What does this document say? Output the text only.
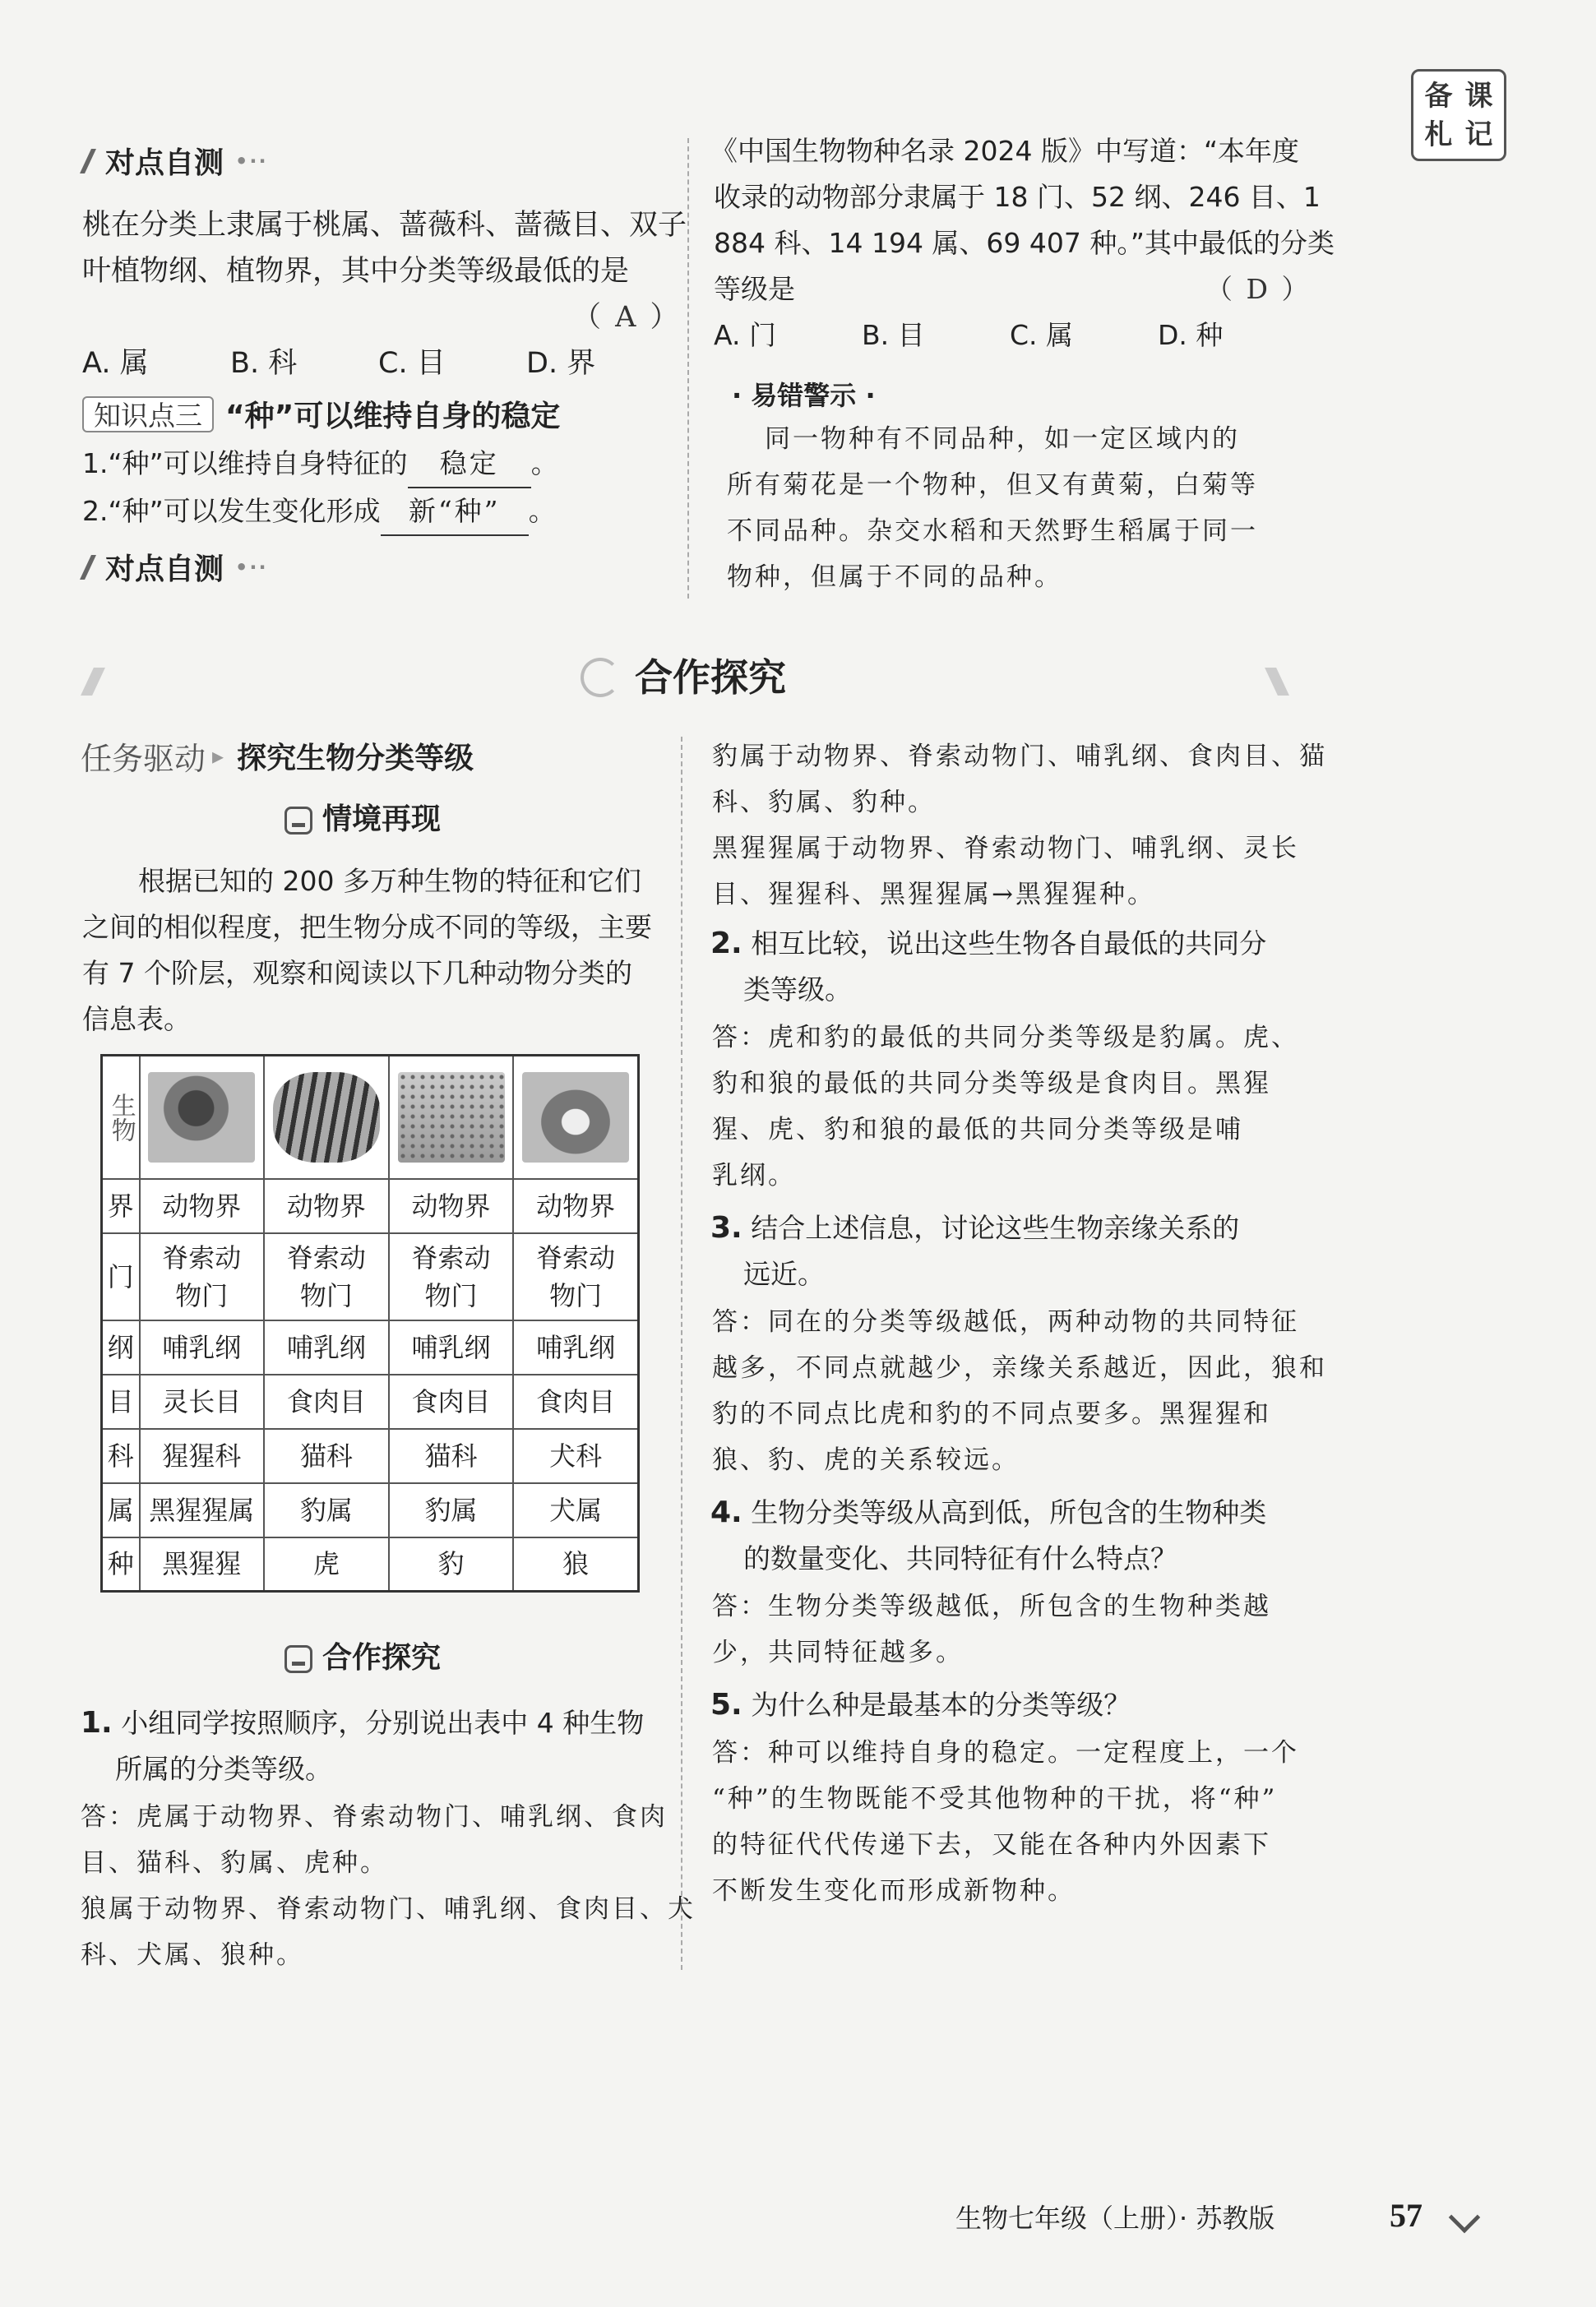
备 课
札 记
对点自测 •··
桃在分类上隶属于桃属、蔷薇科、蔷薇目、双子
叶植物纲、植物界，其中分类等级最低的是
（ A ）
A. 属	B. 科	C. 目	D. 界
知识点三 “种”可以维持自身的稳定
1.“种”可以维持自身特征的 稳定 。
2.“种”可以发生变化形成 新“种” 。
对点自测 •··
《中国生物物种名录 2024 版》中写道：“本年度
收录的动物部分隶属于 18 门、52 纲、246 目、1
884 科、14 194 属、69 407 种。”其中最低的分类
等级是	（ D ）
A. 门	B. 目	C. 属	D. 种
· 易错警示 ·
同一物种有不同品种，如一定区域内的
所有菊花是一个物种，但又有黄菊，白菊等
不同品种。杂交水稻和天然野生稻属于同一
物种，但属于不同的品种。
合作探究
任务驱动 ▸ 探究生物分类等级
情境再现
根据已知的 200 多万种生物的特征和它们
之间的相似程度，把生物分成不同的等级，主要
有 7 个阶层，观察和阅读以下几种动物分类的
信息表。
生物	

界	动物界	动物界	动物界	动物界
门	脊索动物门	脊索动物门	脊索动物门	脊索动物门
纲	哺乳纲	哺乳纲	哺乳纲	哺乳纲
目	灵长目	食肉目	食肉目	食肉目
科	猩猩科	猫科	猫科	犬科
属	黑猩猩属	豹属	豹属	犬属
种	黑猩猩	虎	豹	狼
合作探究
1. 小组同学按照顺序，分别说出表中 4 种生物
所属的分类等级。
答：虎属于动物界、脊索动物门、哺乳纲、食肉
目、猫科、豹属、虎种。
狼属于动物界、脊索动物门、哺乳纲、食肉目、犬
科、犬属、狼种。
豹属于动物界、脊索动物门、哺乳纲、食肉目、猫
科、豹属、豹种。
黑猩猩属于动物界、脊索动物门、哺乳纲、灵长
目、猩猩科、黑猩猩属→黑猩猩种。
2. 相互比较，说出这些生物各自最低的共同分
类等级。
答：虎和豹的最低的共同分类等级是豹属。虎、
豹和狼的最低的共同分类等级是食肉目。黑猩
猩、虎、豹和狼的最低的共同分类等级是哺
乳纲。
3. 结合上述信息，讨论这些生物亲缘关系的
远近。
答：同在的分类等级越低，两种动物的共同特征
越多，不同点就越少，亲缘关系越近，因此，狼和
豹的不同点比虎和豹的不同点要多。黑猩猩和
狼、豹、虎的关系较远。
4. 生物分类等级从高到低，所包含的生物种类
的数量变化、共同特征有什么特点？
答：生物分类等级越低，所包含的生物种类越
少，共同特征越多。
5. 为什么种是最基本的分类等级？
答：种可以维持自身的稳定。一定程度上，一个
“种”的生物既能不受其他物种的干扰，将“种”
的特征代代传递下去，又能在各种内外因素下
不断发生变化而形成新物种。
生物七年级（上册）· 苏教版	57
